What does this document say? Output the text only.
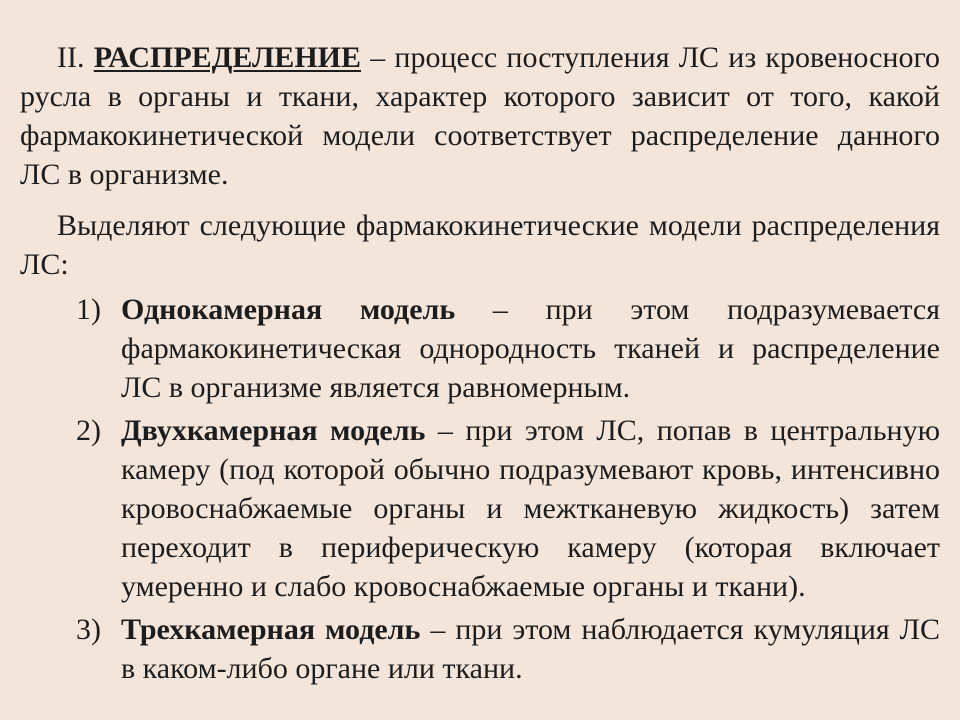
II. РАСПРЕДЕЛЕНИЕ – процесс поступления ЛС из кровеносного русла в органы и ткани, характер которого зависит от того, какой фармакокинетической модели соответствует распределение данного ЛС в организме.

Выделяют следующие фармакокинетические модели распределения ЛС:

1) Однокамерная модель – при этом подразумевается фармакокинетическая однородность тканей и распределение ЛС в организме является равномерным.
2) Двухкамерная модель – при этом ЛС, попав в центральную камеру (под которой обычно подразумевают кровь, интенсивно кровоснабжаемые органы и межтканевую жидкость) затем переходит в периферическую камеру (которая включает умеренно и слабо кровоснабжаемые органы и ткани).
3) Трехкамерная модель – при этом наблюдается кумуляция ЛС в каком-либо органе или ткани.
